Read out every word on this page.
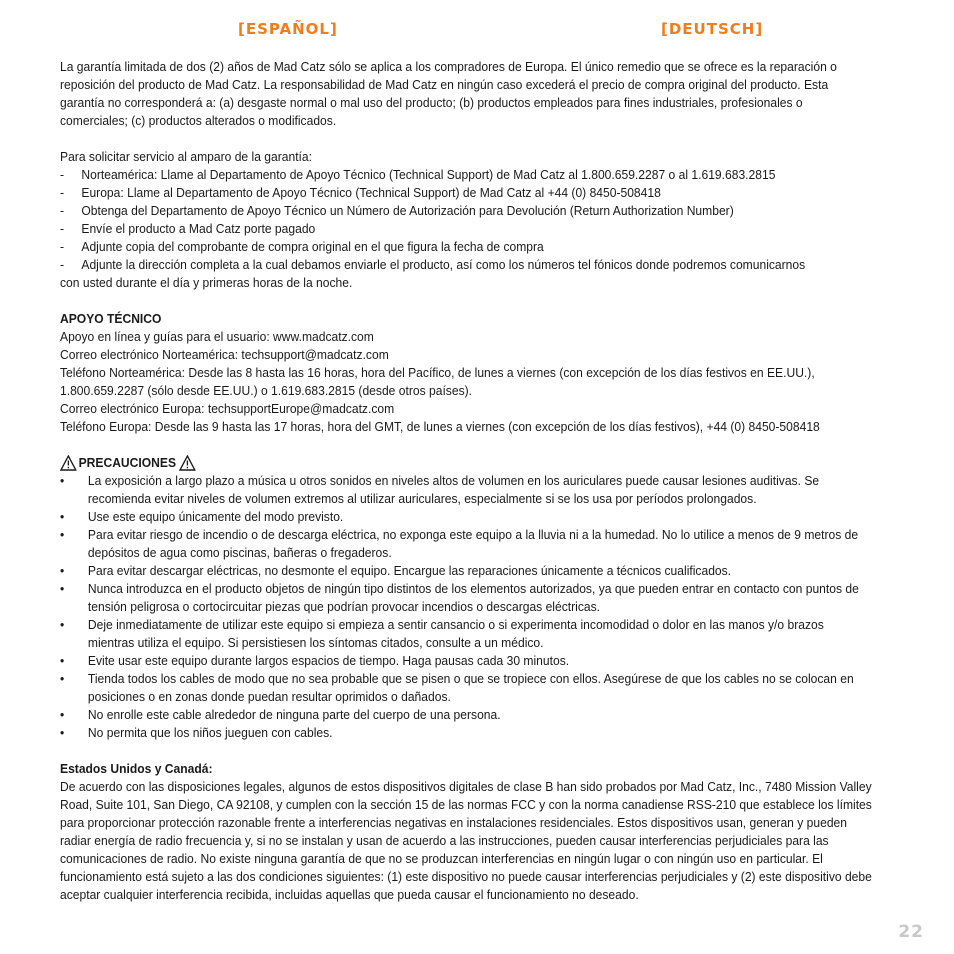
[ESPAÑOL]	[DEUTSCH]

La garantía limitada de dos (2) años de Mad Catz sólo se aplica a los compradores de Europa. El único remedio que se ofrece es la reparación o reposición del producto de Mad Catz. La responsabilidad de Mad Catz en ningún caso excederá el precio de compra original del producto. Esta garantía no corresponderá a: (a) desgaste normal o mal uso del producto; (b) productos empleados para fines industriales, profesionales o comerciales; (c) productos alterados o modificados.

Para solicitar servicio al amparo de la garantía:

-	Norteamérica: Llame al Departamento de Apoyo Técnico (Technical Support) de Mad Catz al 1.800.659.2287 o al 1.619.683.2815
-	Europa: Llame al Departamento de Apoyo Técnico (Technical Support) de Mad Catz al +44 (0) 8450-508418
-	Obtenga del Departamento de Apoyo Técnico un Número de Autorización para Devolución (Return Authorization Number)
-	Envíe el producto a Mad Catz porte pagado
-	Adjunte copia del comprobante de compra original en el que figura la fecha de compra
-	Adjunte la dirección completa a la cual debamos enviarle el producto, así como los números tel fónicos donde podremos comunicarnos

con usted durante el día y primeras horas de la noche.

APOYO TÉCNICO

Apoyo en línea y guías para el usuario: www.madcatz.com

Correo electrónico Norteamérica: techsupport@madcatz.com

Teléfono Norteamérica: Desde las 8 hasta las 16 horas, hora del Pacífico, de lunes a viernes (con excepción de los días festivos en EE.UU.),

1.800.659.2287 (sólo desde EE.UU.) o 1.619.683.2815 (desde otros países).

Correo electrónico Europa: techsupportEurope@madcatz.com

Teléfono Europa: Desde las 9 hasta las 17 horas, hora del GMT, de lunes a viernes (con excepción de los días festivos), +44 (0) 8450-508418

PRECAUCIONES
•	La exposición a largo plazo a música u otros sonidos en niveles altos de volumen en los auriculares puede causar lesiones auditivas. Se recomienda evitar niveles de volumen extremos al utilizar auriculares, especialmente si se los usa por períodos prolongados.
•	Use este equipo únicamente del modo previsto.
•	Para evitar riesgo de incendio o de descarga eléctrica, no exponga este equipo a la lluvia ni a la humedad. No lo utilice a menos de 9 metros de depósitos de agua como piscinas, bañeras o fregaderos.
•	Para evitar descargar eléctricas, no desmonte el equipo. Encargue las reparaciones únicamente a técnicos cualificados.
•	Nunca introduzca en el producto objetos de ningún tipo distintos de los elementos autorizados, ya que pueden entrar en contacto con puntos de tensión peligrosa o cortocircuitar piezas que podrían provocar incendios o descargas eléctricas.
•	Deje inmediatamente de utilizar este equipo si empieza a sentir cansancio o si experimenta incomodidad o dolor en las manos y/o brazos mientras utiliza el equipo. Si persistiesen los síntomas citados, consulte a un médico.
•	Evite usar este equipo durante largos espacios de tiempo. Haga pausas cada 30 minutos.
•	Tienda todos los cables de modo que no sea probable que se pisen o que se tropiece con ellos. Asegúrese de que los cables no se colocan en posiciones o en zonas donde puedan resultar oprimidos o dañados.
•	No enrolle este cable alrededor de ninguna parte del cuerpo de una persona.
•	No permita que los niños jueguen con cables.

Estados Unidos y Canadá:

De acuerdo con las disposiciones legales, algunos de estos dispositivos digitales de clase B han sido probados por Mad Catz, Inc., 7480 Mission Valley Road, Suite 101, San Diego, CA 92108, y cumplen con la sección 15 de las normas FCC y con la norma canadiense RSS-210 que establece los límites para proporcionar protección razonable frente a interferencias negativas en instalaciones residenciales. Estos dispositivos usan, generan y pueden radiar energía de radio frecuencia y, si no se instalan y usan de acuerdo a las instrucciones, pueden causar interferencias perjudiciales para las comunicaciones de radio. No existe ninguna garantía de que no se produzcan interferencias en ningún lugar o con ningún uso en particular. El funcionamiento está sujeto a las dos condiciones siguientes: (1) este dispositivo no puede causar interferencias perjudiciales y (2) este dispositivo debe aceptar cualquier interferencia recibida, incluidas aquellas que pueda causar el funcionamiento no deseado.

22
